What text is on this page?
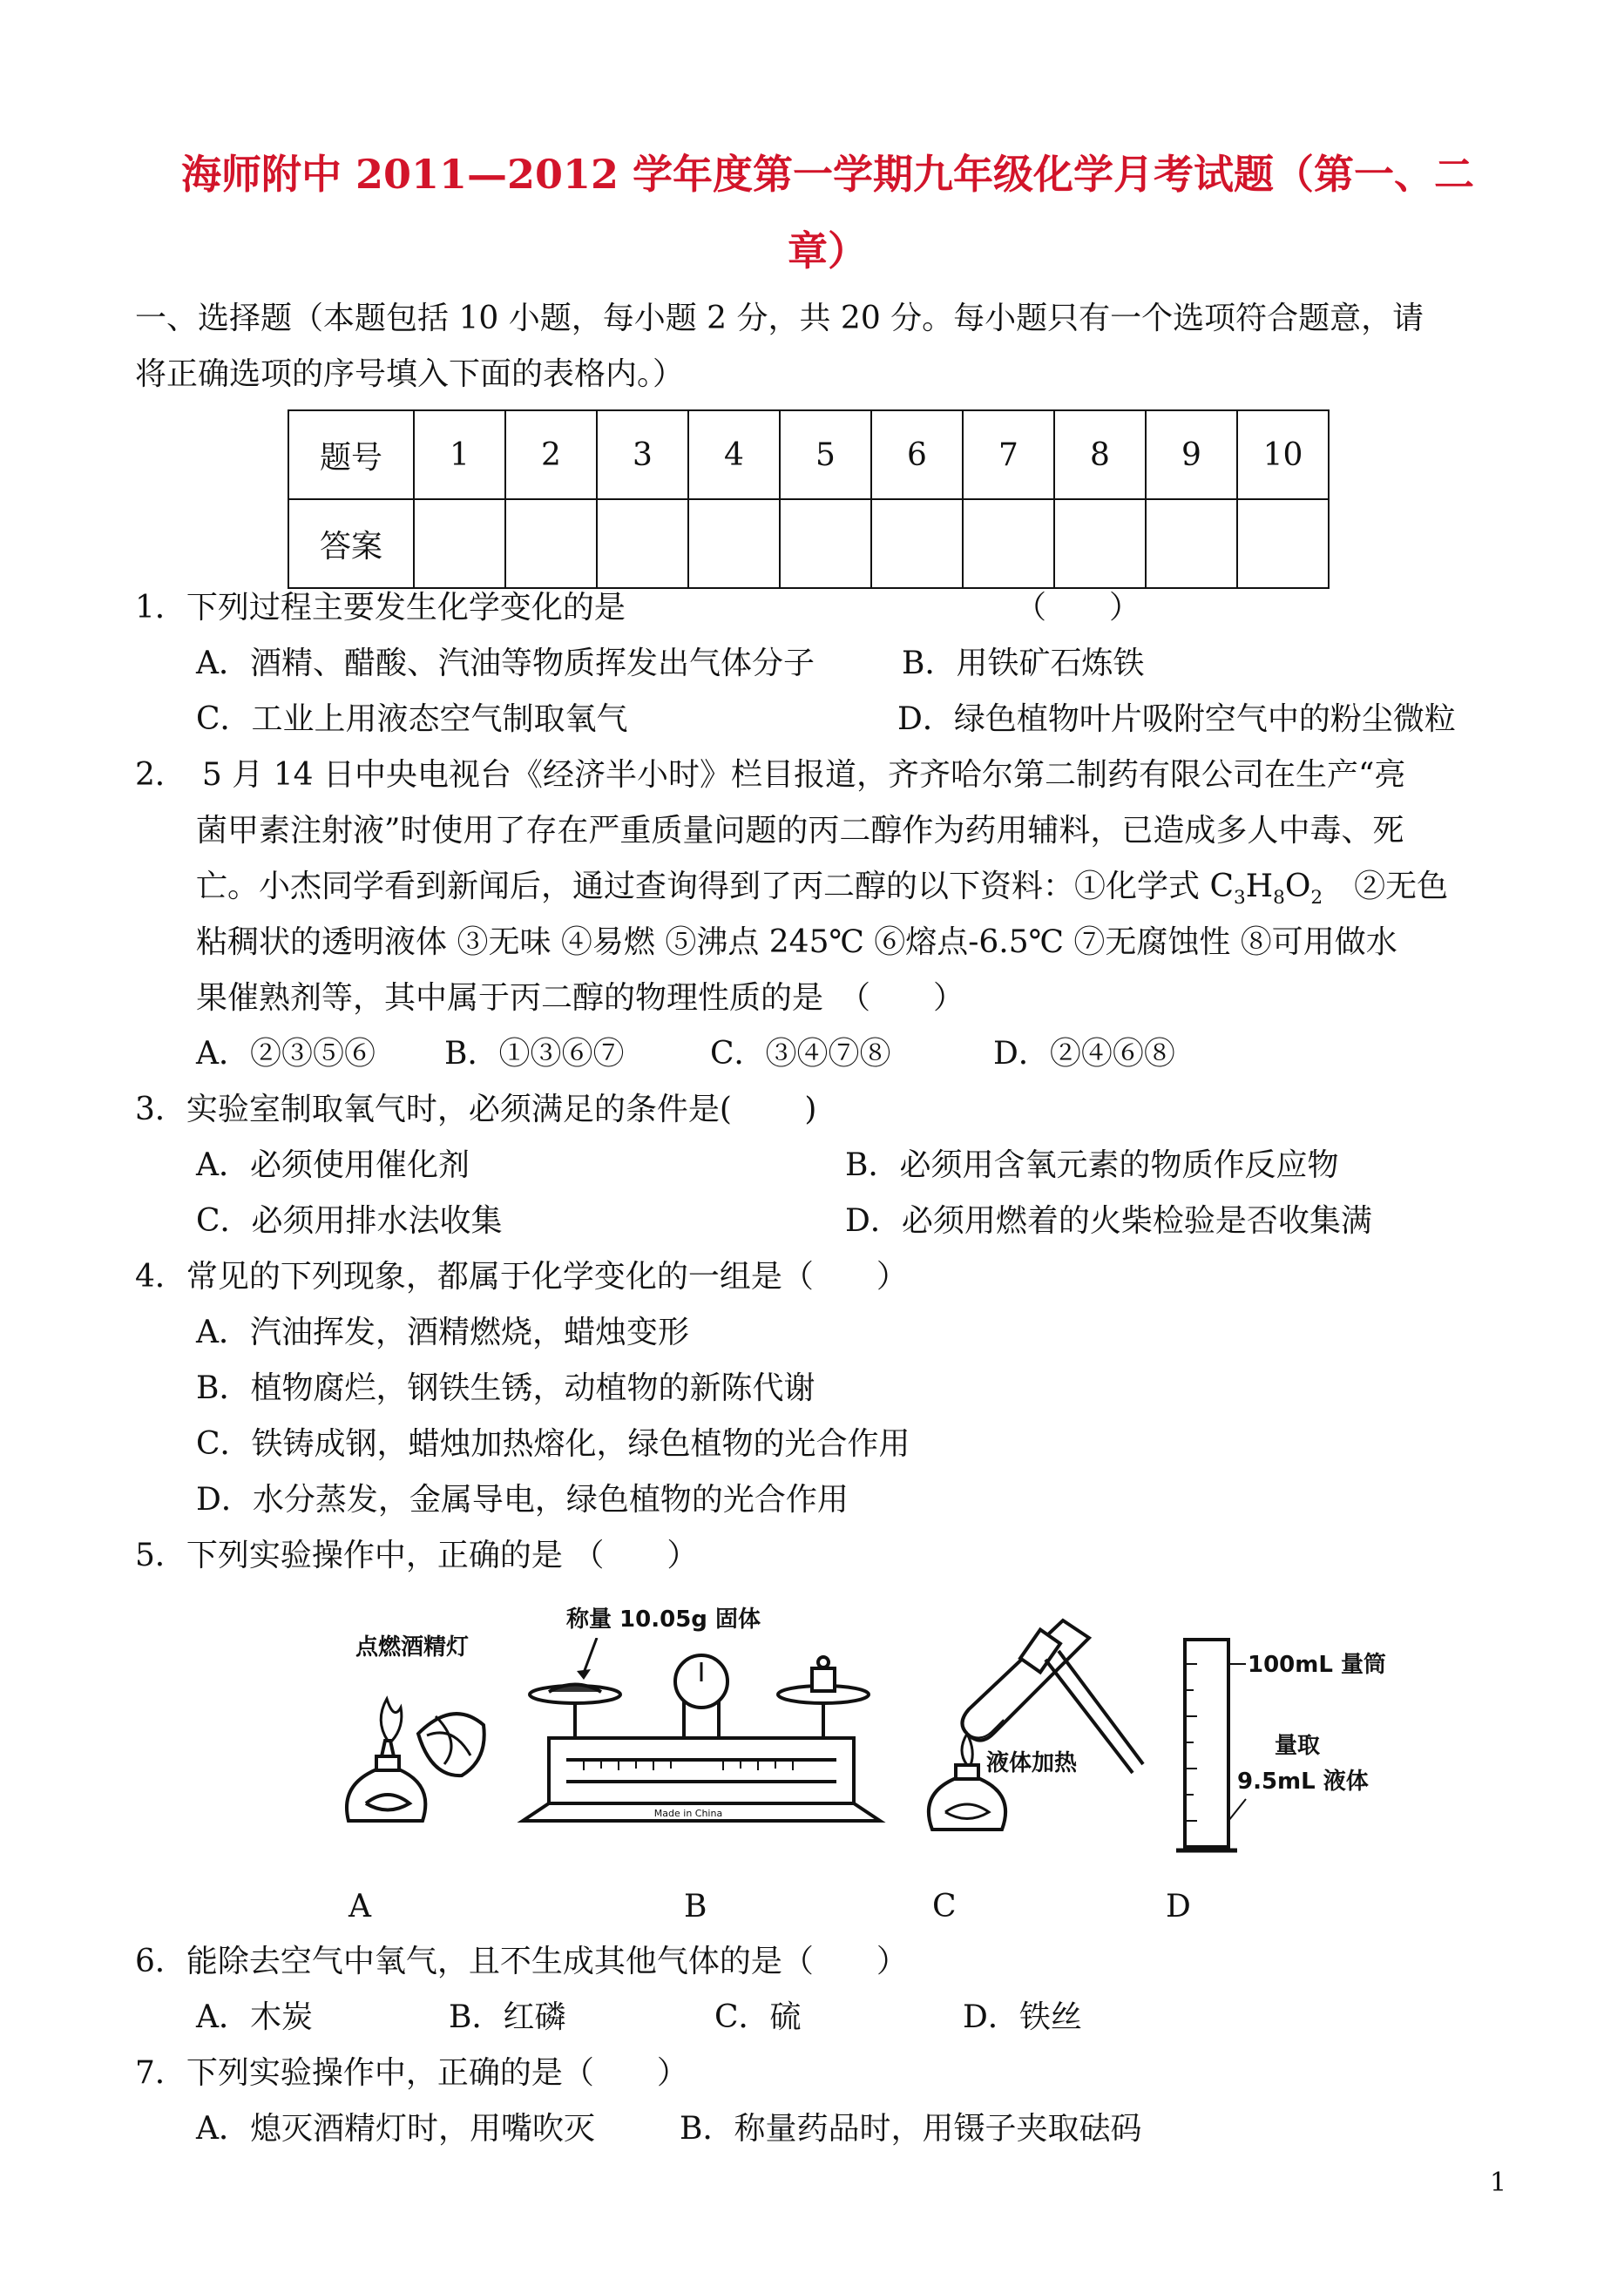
海师附中 2011—2012 学年度第一学期九年级化学月考试题（第一、二
章）
一、选择题（本题包括 10 小题，每小题 2 分，共 20 分。每小题只有一个选项符合题意，请
将正确选项的序号填入下面的表格内。）
题号	1	2	3	4	5	6	7	8	9	10
答案										
1．下列过程主要发生化学变化的是	（　　）
A．酒精、醋酸、汽油等物质挥发出气体分子	B．用铁矿石炼铁
C．工业上用液态空气制取氧气	D．绿色植物叶片吸附空气中的粉尘微粒
2．　5 月 14 日中央电视台《经济半小时》栏目报道，齐齐哈尔第二制药有限公司在生产“亮
菌甲素注射液”时使用了存在严重质量问题的丙二醇作为药用辅料，已造成多人中毒、死
亡。小杰同学看到新闻后，通过查询得到了丙二醇的以下资料：①化学式 $C_3H_8O_2$　②无色
粘稠状的透明液体 ③无味 ④易燃 ⑤沸点 245℃ ⑥熔点-6.5℃ ⑦无腐蚀性 ⑧可用做水
果催熟剂等，其中属于丙二醇的物理性质的是　（　　）
A．②③⑤⑥ B．①③⑥⑦	C．③④⑦⑧	D．②④⑥⑧
3．实验室制取氧气时，必须满足的条件是(　　 )
A．必须使用催化剂	B．必须用含氧元素的物质作反应物
C．必须用排水法收集	D．必须用燃着的火柴检验是否收集满
4．常见的下列现象，都属于化学变化的一组是（　　）
A．汽油挥发，酒精燃烧，蜡烛变形
B．植物腐烂，钢铁生锈，动植物的新陈代谢
C．铁铸成钢，蜡烛加热熔化，绿色植物的光合作用
D．水分蒸发，金属导电，绿色植物的光合作用
5．下列实验操作中，正确的是 （　　）
点燃酒精灯
称量 10.05g 固体
Made in China
液体加热
100mL 量筒
量取
9.5mL 液体
A	B	C	D
6．能除去空气中氧气，且不生成其他气体的是（　　）
A．木炭	B．红磷	C．硫	D．铁丝
7．下列实验操作中，正确的是（　　）
A．熄灭酒精灯时，用嘴吹灭	B．称量药品时，用镊子夹取砝码
1
